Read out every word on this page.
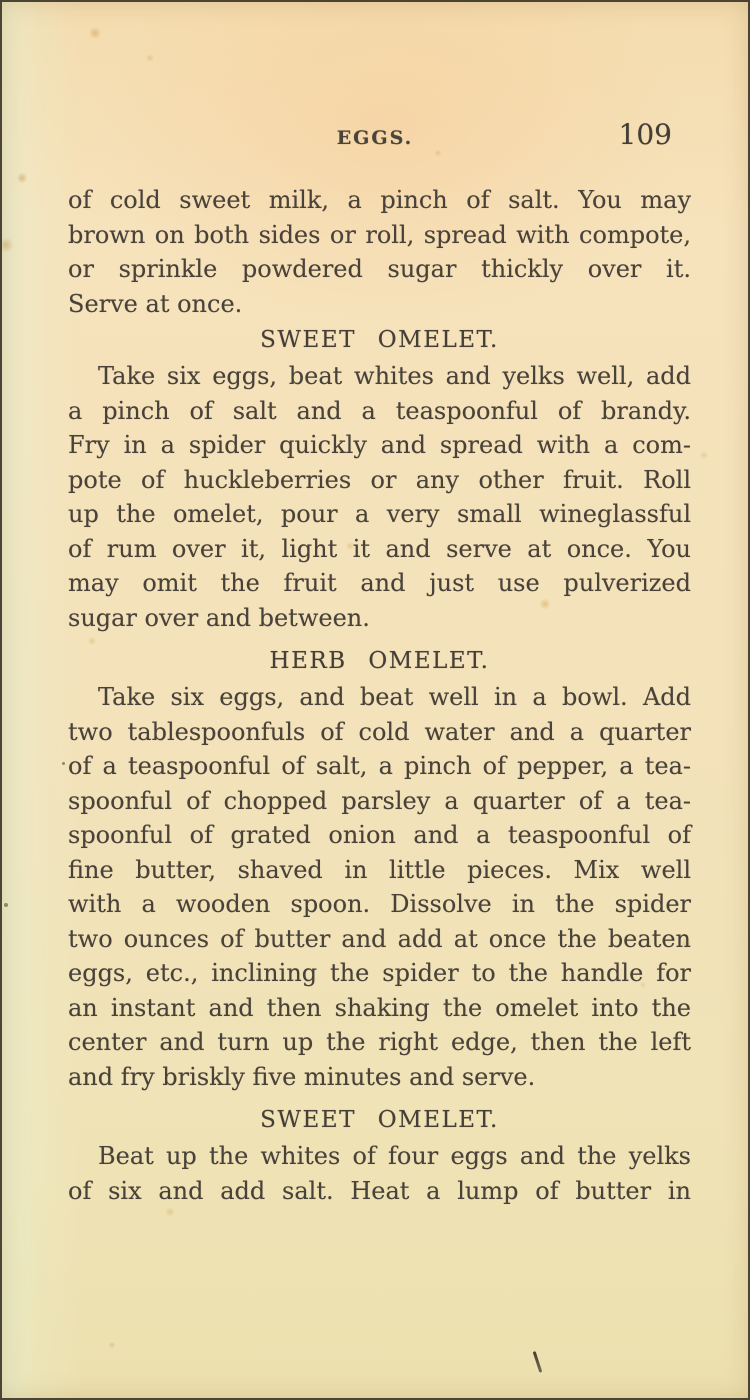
EGGS.	109
of cold sweet milk, a pinch of salt. You may
brown on both sides or roll, spread with compote,
or sprinkle powdered sugar thickly over it.
Serve at once.
SWEET OMELET.
Take six eggs, beat whites and yelks well, add
a pinch of salt and a teaspoonful of brandy.
Fry in a spider quickly and spread with a com-
pote of huckleberries or any other fruit. Roll
up the omelet, pour a very small wineglassful
of rum over it, light it and serve at once. You
may omit the fruit and just use pulverized
sugar over and between.
HERB OMELET.
Take six eggs, and beat well in a bowl. Add
two tablespoonfuls of cold water and a quarter
of a teaspoonful of salt, a pinch of pepper, a tea-
spoonful of chopped parsley a quarter of a tea-
spoonful of grated onion and a teaspoonful of
fine butter, shaved in little pieces. Mix well
with a wooden spoon. Dissolve in the spider
two ounces of butter and add at once the beaten
eggs, etc., inclining the spider to the handle for
an instant and then shaking the omelet into the
center and turn up the right edge, then the left
and fry briskly five minutes and serve.
SWEET OMELET.
Beat up the whites of four eggs and the yelks
of six and add salt. Heat a lump of butter in
